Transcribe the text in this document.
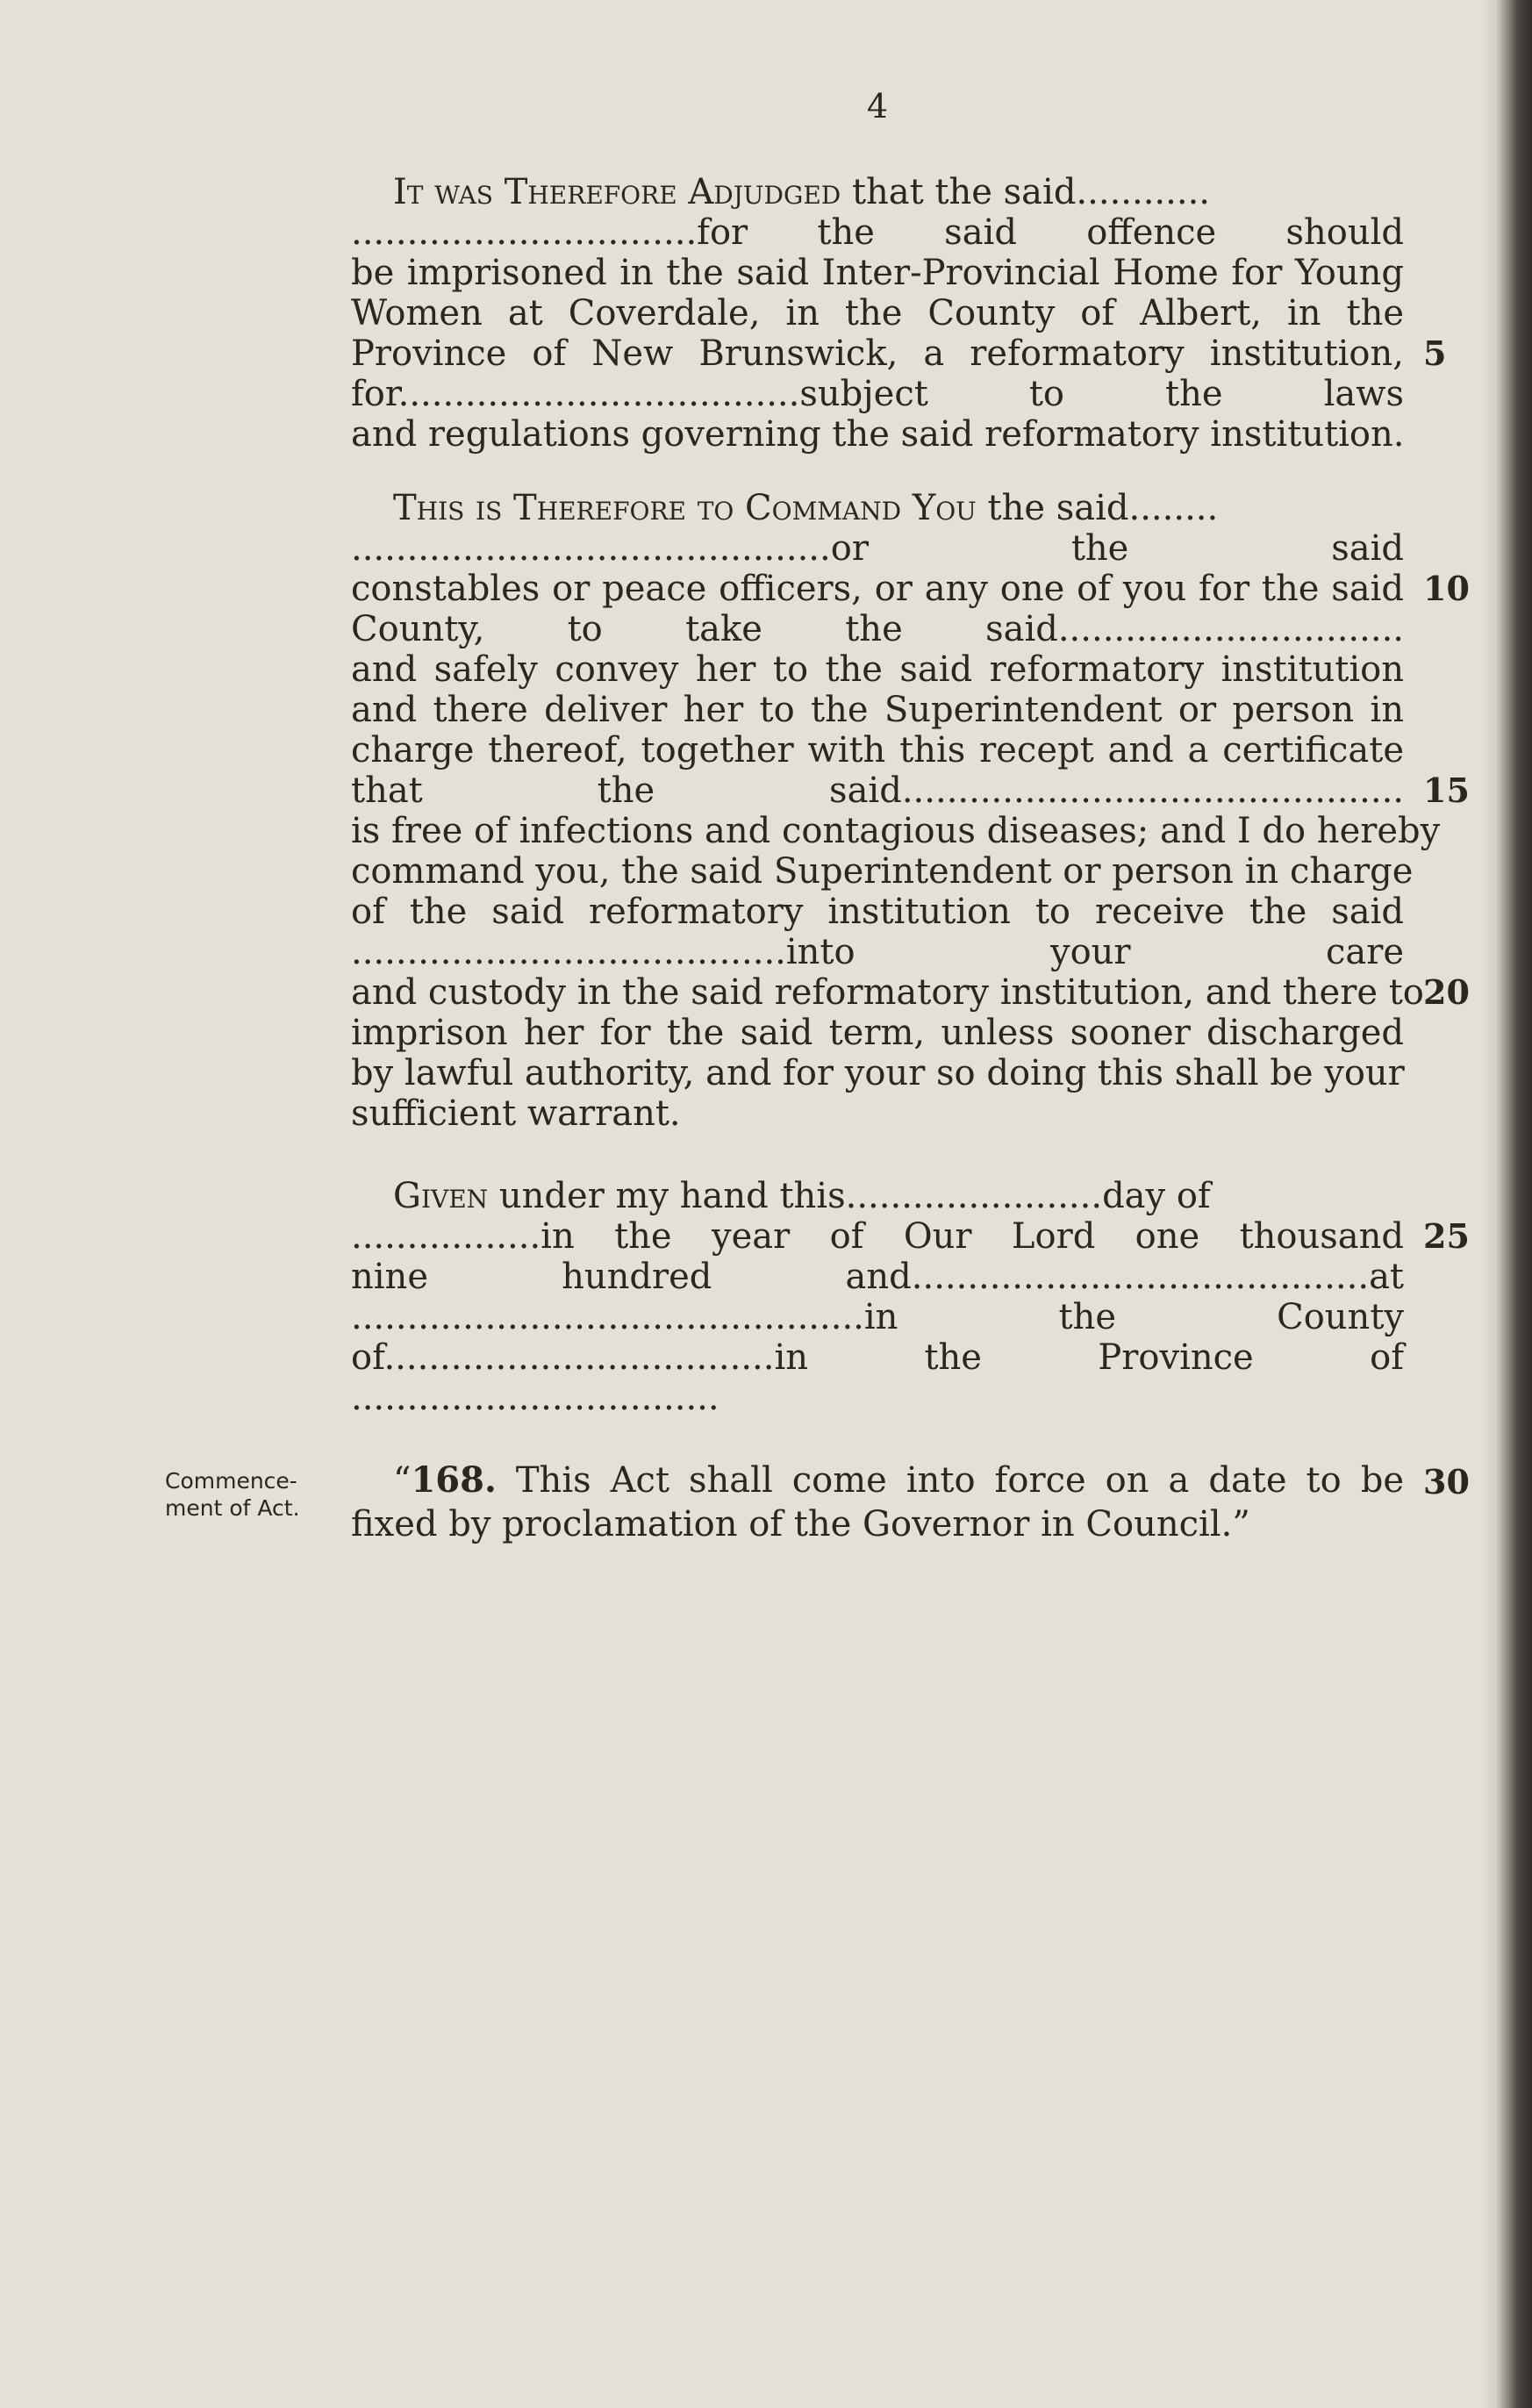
4
It was Therefore Adjudged that the said............
...............................for the said offence should
be imprisoned in the said Inter-Provincial Home for Young
Women at Coverdale, in the County of Albert, in the
Province of New Brunswick, a reformatory institution,
for....................................subject to the laws
and regulations governing the said reformatory institution.
This is Therefore to Command You the said........
...........................................or the said
constables or peace officers, or any one of you for the said
County, to take the said...............................
and safely convey her to the said reformatory institution
and there deliver her to the Superintendent or person in
charge thereof, together with this recept and a certificate
that the said.............................................
is free of infections and contagious diseases; and I do hereby
command you, the said Superintendent or person in charge
of the said reformatory institution to receive the said
.......................................into your care
and custody in the said reformatory institution, and there to
imprison her for the said term, unless sooner discharged
by lawful authority, and for your so doing this shall be your
sufficient warrant.
Given under my hand this.......................day of
.................in the year of Our Lord one thousand
nine hundred and.........................................at
..............................................in the County
of...................................in the Province of
.................................
Commence-
ment of Act.
“168. This Act shall come into force on a date to be
fixed by proclamation of the Governor in Council.”
5
10
15
20
25
30
